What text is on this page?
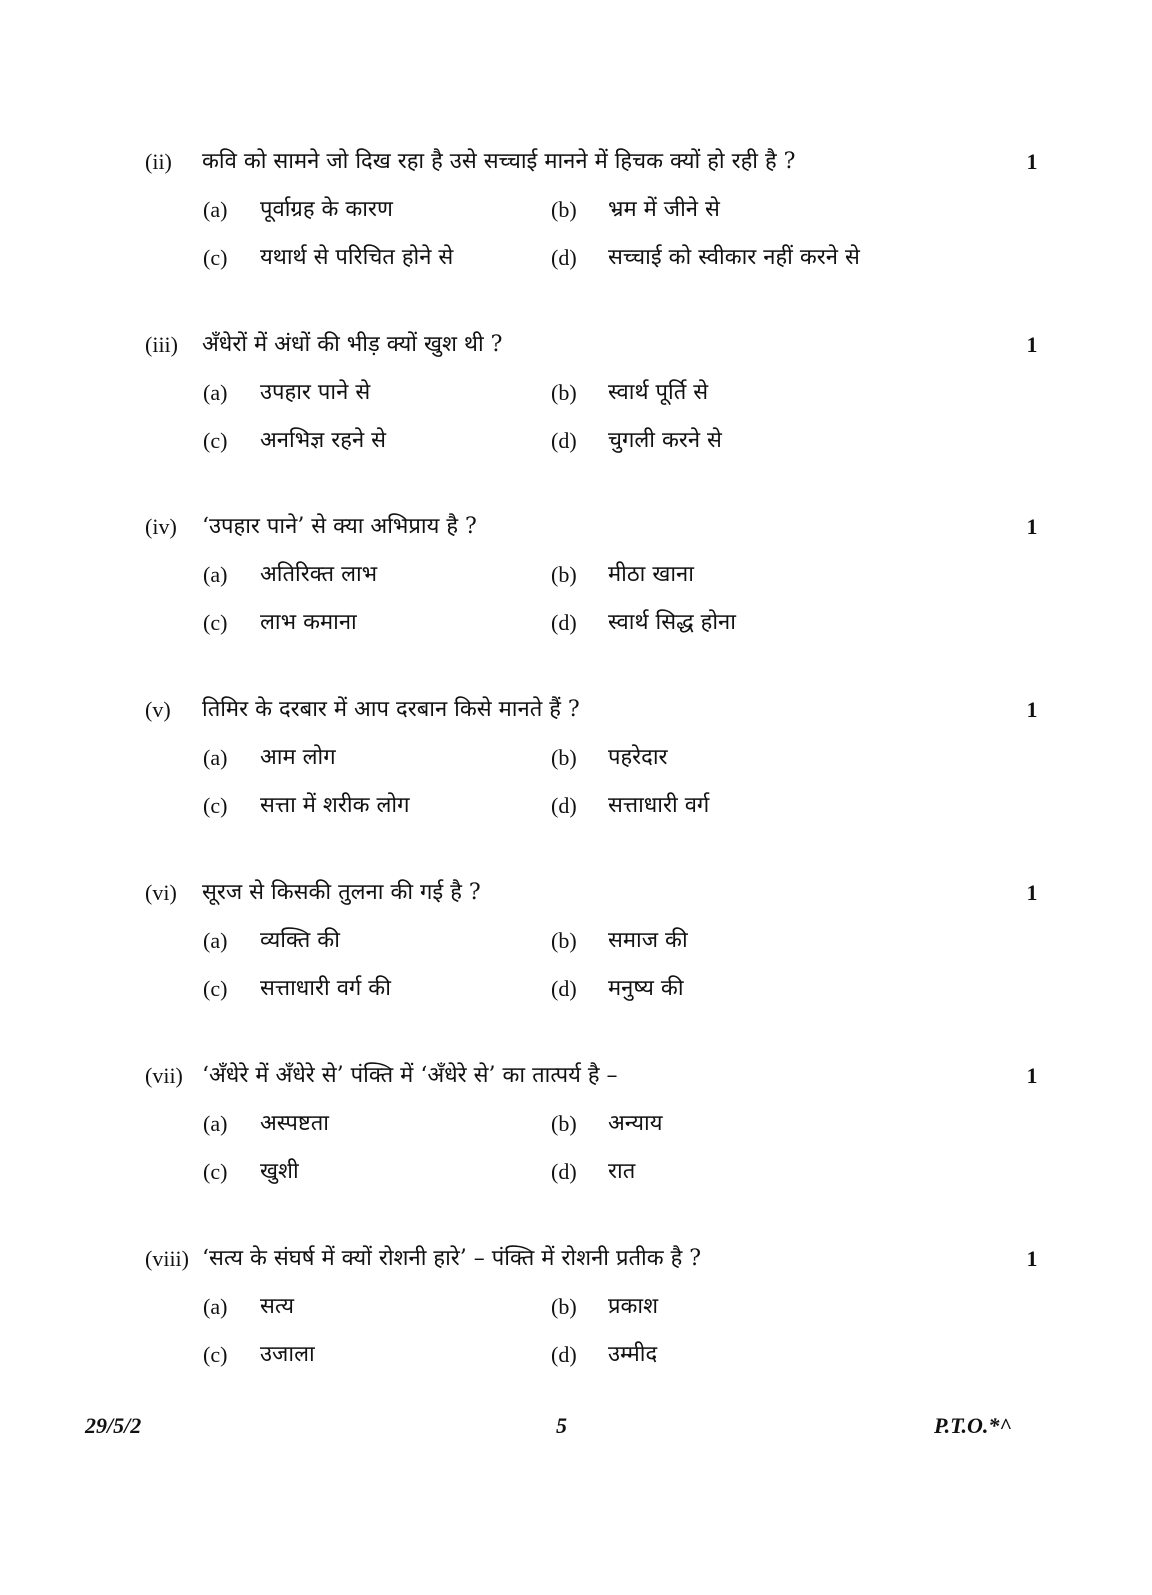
(ii) कवि को सामने जो दिख रहा है उसे सच्चाई मानने में हिचक क्यों हो रही है ?	1
(a) पूर्वाग्रह के कारण	(b) भ्रम में जीने से
(c) यथार्थ से परिचित होने से	(d) सच्चाई को स्वीकार नहीं करने से
(iii) अँधेरों में अंधों की भीड़ क्यों खुश थी ?	1
(a) उपहार पाने से	(b) स्वार्थ पूर्ति से
(c) अनभिज्ञ रहने से	(d) चुगली करने से
(iv) ‘उपहार पाने’ से क्या अभिप्राय है ?	1
(a) अतिरिक्त लाभ	(b) मीठा खाना
(c) लाभ कमाना	(d) स्वार्थ सिद्ध होना
(v) तिमिर के दरबार में आप दरबान किसे मानते हैं ?	1
(a) आम लोग	(b) पहरेदार
(c) सत्ता में शरीक लोग	(d) सत्ताधारी वर्ग
(vi) सूरज से किसकी तुलना की गई है ?	1
(a) व्यक्ति की	(b) समाज की
(c) सत्ताधारी वर्ग की	(d) मनुष्य की
(vii) ‘अँधेरे में अँधेरे से’ पंक्ति में ‘अँधेरे से’ का तात्पर्य है –	1
(a) अस्पष्टता	(b) अन्याय
(c) खुशी	(d) रात
(viii) ‘सत्य के संघर्ष में क्यों रोशनी हारे’ – पंक्ति में रोशनी प्रतीक है ?	1
(a) सत्य	(b) प्रकाश
(c) उजाला	(d) उम्मीद
29/5/2	5	P.T.O.*^
